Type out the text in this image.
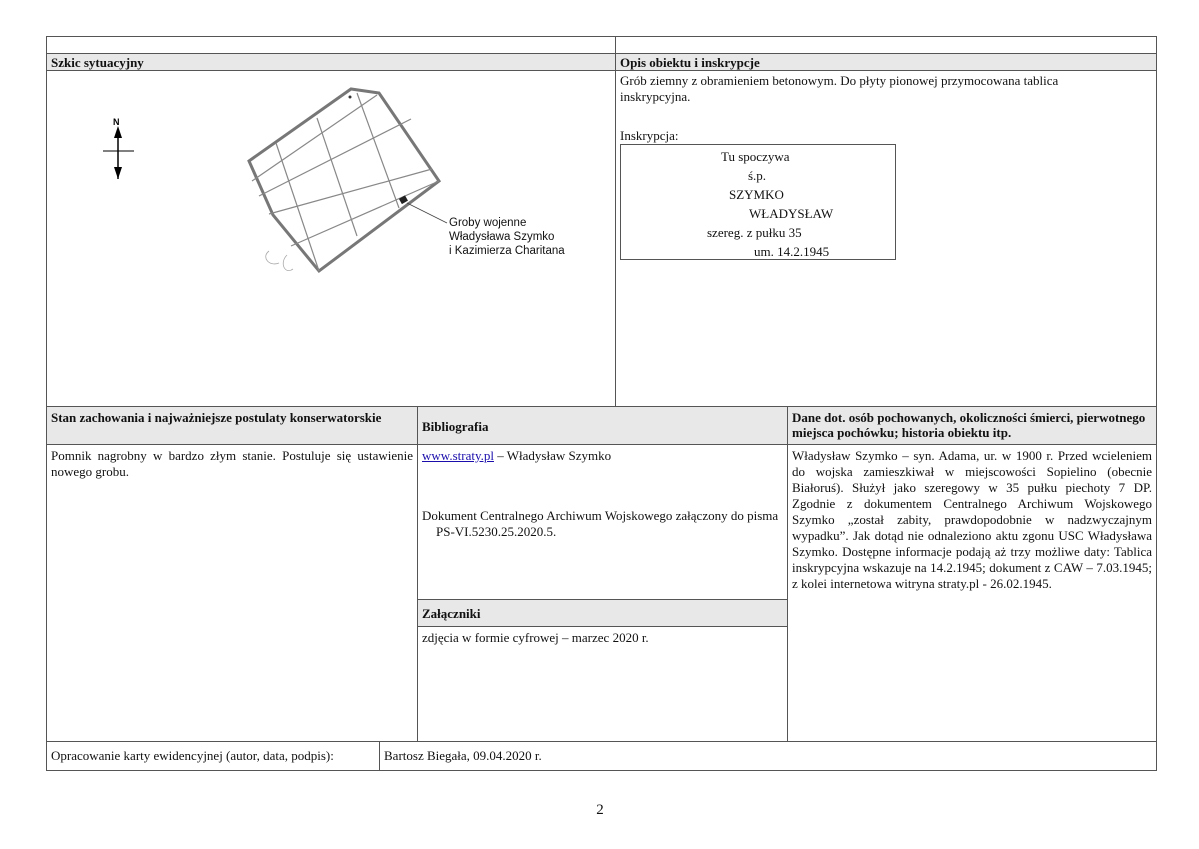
Szkic sytuacyjny
N
Groby wojenne
Władysława Szymko
i Kazimierza Charitana
Opis obiektu i inskrypcje
Grób ziemny z obramieniem betonowym. Do płyty pionowej przymocowana tablica inskrypcyjna.
Inskrypcja:
Tu spoczywa
ś.p.
SZYMKO
WŁADYSŁAW
szereg. z pułku 35
um. 14.2.1945
Stan zachowania i najważniejsze postulaty konserwatorskie
Bibliografia
Dane dot. osób pochowanych, okoliczności śmierci, pierwotnego miejsca pochówku; historia obiektu itp.
Pomnik nagrobny w bardzo złym stanie. Postuluje się ustawienie nowego grobu.
www.straty.pl – Władysław Szymko
Dokument Centralnego Archiwum Wojskowego załączony do pisma PS-VI.5230.25.2020.5.
Załączniki
zdjęcia w formie cyfrowej – marzec 2020 r.
Władysław Szymko – syn. Adama, ur. w 1900 r. Przed wcieleniem do wojska zamieszkiwał w miejscowości Sopielino (obecnie Białoruś). Służył jako szeregowy w 35 pułku piechoty 7 DP. Zgodnie z dokumentem Centralnego Archiwum Wojskowego Szymko „został zabity, prawdopodobnie w nadzwyczajnym wypadku”. Jak dotąd nie odnaleziono aktu zgonu USC Władysława Szymko. Dostępne informacje podają aż trzy możliwe daty: Tablica inskrypcyjna wskazuje na 14.2.1945; dokument z CAW – 7.03.1945; z kolei internetowa witryna straty.pl - 26.02.1945.
Opracowanie karty ewidencyjnej (autor, data, podpis):	Bartosz Biegała, 09.04.2020 r.
2
